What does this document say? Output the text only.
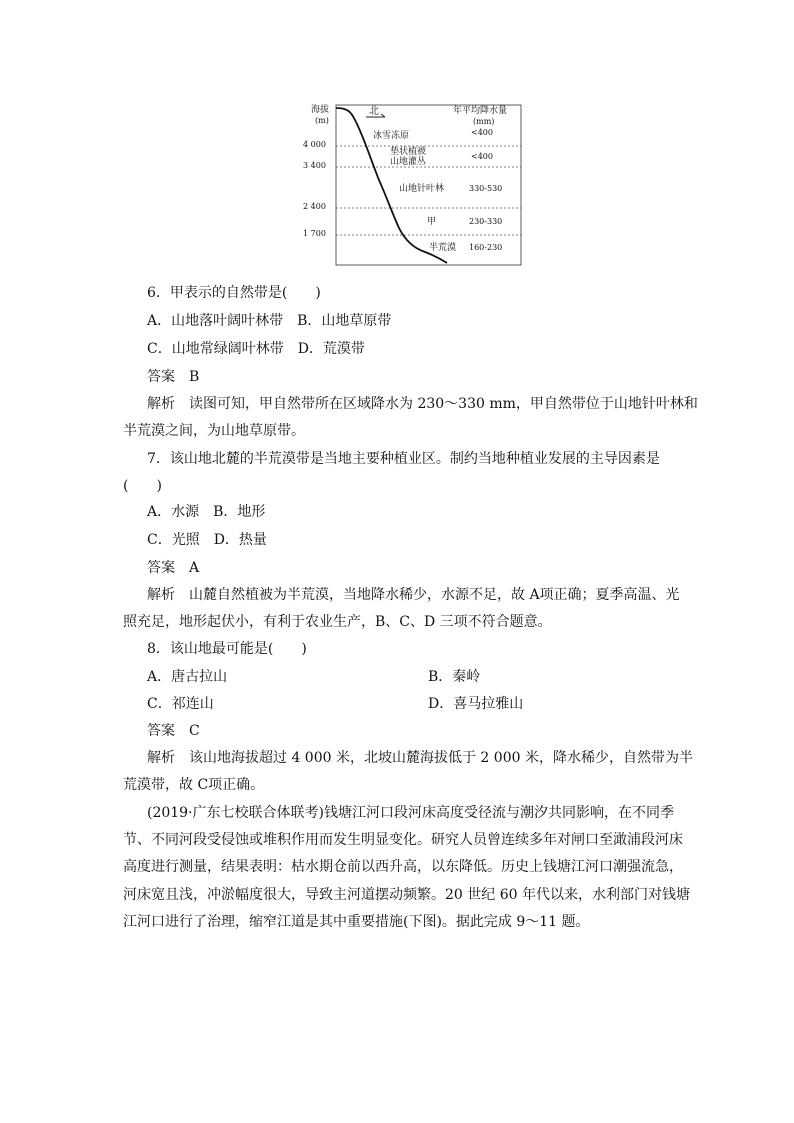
北
海拔
(m)
4 000
3 400
2 400
1 700
年平均降水量
(mm)
冰雪冻原	<400
垫状植被
山地灌丛
<400
山地针叶林	330-530
甲	230-330
半荒漠 160-230
6．甲表示的自然带是(　　)
A．山地落叶阔叶林带　B．山地草原带
C．山地常绿阔叶林带　D．荒漠带
答案　B
解析　读图可知，甲自然带所在区域降水为 230～330 mm，甲自然带位于山地针叶林和
半荒漠之间，为山地草原带。
7．该山地北麓的半荒漠带是当地主要种植业区。制约当地种植业发展的主导因素是
(　　)
A．水源　B．地形
C．光照　D．热量
答案　A
解析　山麓自然植被为半荒漠，当地降水稀少，水源不足，故 A项正确；夏季高温、光
照充足，地形起伏小，有利于农业生产，B、C、D 三项不符合题意。
8．该山地最可能是(　　)
A．唐古拉山	B．秦岭
C．祁连山	D．喜马拉雅山
答案　C
解析　该山地海拔超过 4 000 米，北坡山麓海拔低于 2 000 米，降水稀少，自然带为半
荒漠带，故 C项正确。
(2019·广东七校联合体联考)钱塘江河口段河床高度受径流与潮汐共同影响，在不同季
节、不同河段受侵蚀或堆积作用而发生明显变化。研究人员曾连续多年对闸口至澉浦段河床
高度进行测量，结果表明：枯水期仓前以西升高，以东降低。历史上钱塘江河口潮强流急，
河床宽且浅，冲淤幅度很大，导致主河道摆动频繁。20 世纪 60 年代以来，水利部门对钱塘
江河口进行了治理，缩窄江道是其中重要措施(下图)。据此完成 9～11 题。
